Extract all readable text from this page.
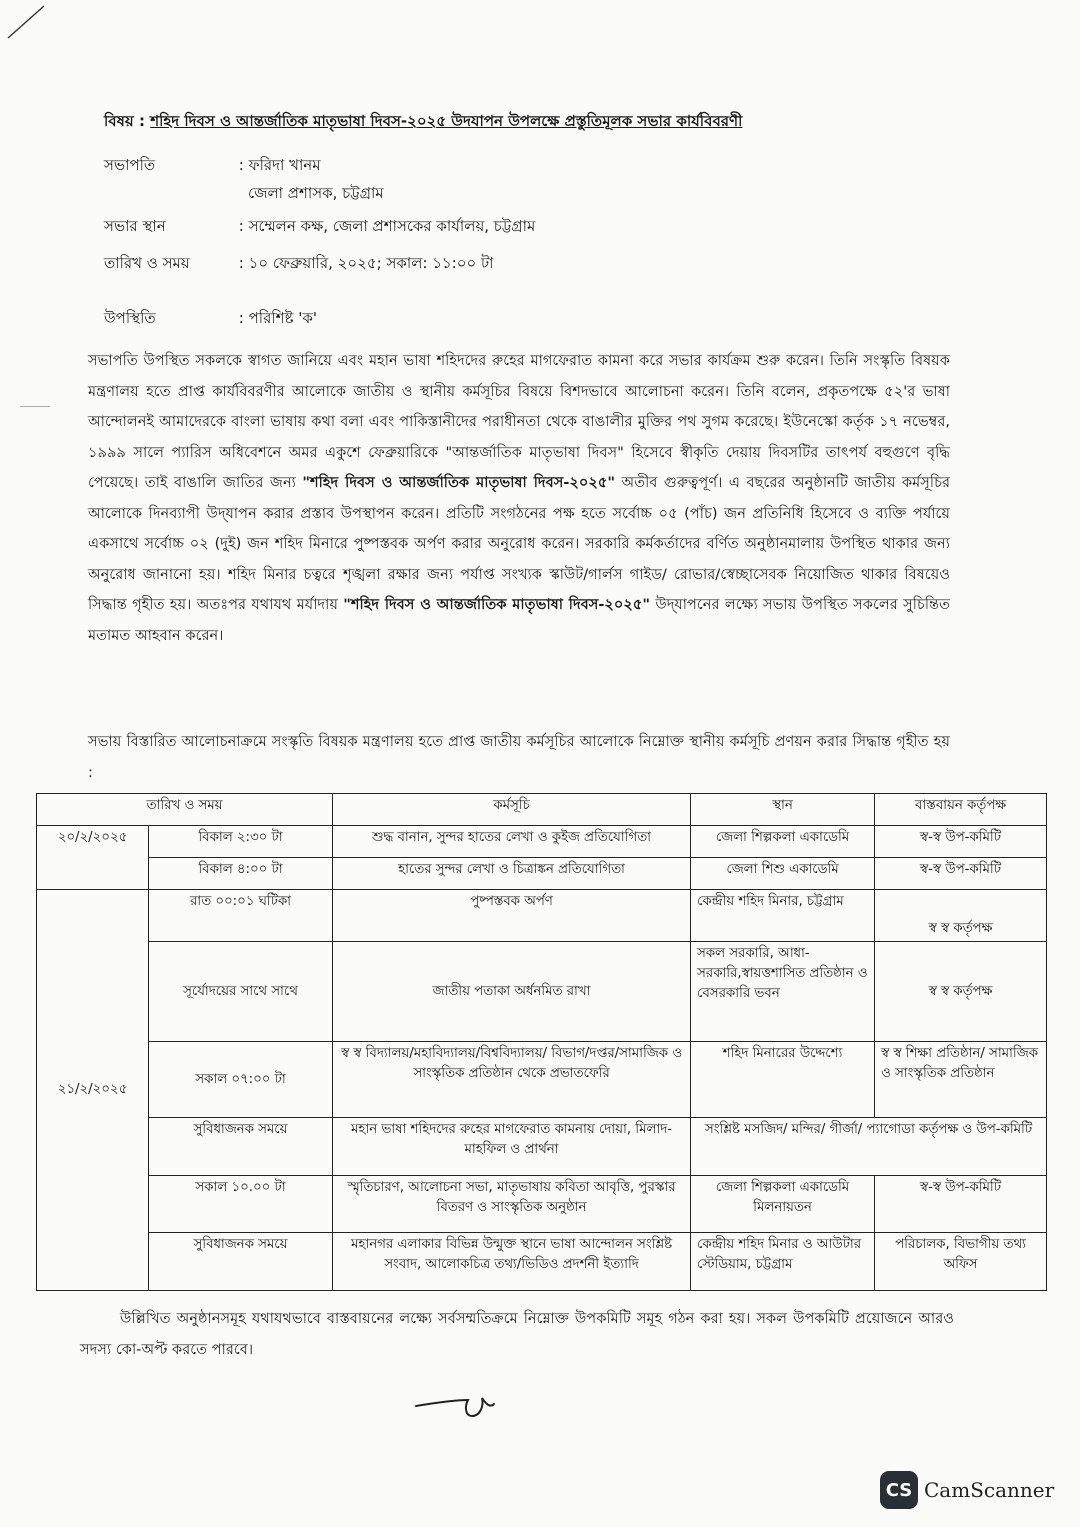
বিষয় : শহিদ দিবস ও আন্তর্জাতিক মাতৃভাষা দিবস-২০২৫ উদযাপন উপলক্ষে প্রস্তুতিমূলক সভার কার্যবিবরণী
সভাপতি	: ফরিদা খানম
জেলা প্রশাসক, চট্টগ্রাম
সভার স্থান	: সম্মেলন কক্ষ, জেলা প্রশাসকের কার্যালয়, চট্টগ্রাম
তারিখ ও সময়	: ১০ ফেব্রুয়ারি, ২০২৫; সকাল: ১১:০০ টা
উপস্থিতি	: পরিশিষ্ট 'ক'
সভাপতি উপস্থিত সকলকে স্বাগত জানিয়ে এবং মহান ভাষা শহিদদের রুহের মাগফেরাত কামনা করে সভার কার্যক্রম শুরু করেন। তিনি সংস্কৃতি বিষয়ক মন্ত্রণালয় হতে প্রাপ্ত কার্যবিবরণীর আলোকে জাতীয় ও স্থানীয় কর্মসূচির বিষয়ে বিশদভাবে আলোচনা করেন। তিনি বলেন, প্রকৃতপক্ষে ৫২'র ভাষা আন্দোলনই আমাদেরকে বাংলা ভাষায় কথা বলা এবং পাকিস্তানীদের পরাধীনতা থেকে বাঙালীর মুক্তির পথ সুগম করেছে। ইউনেস্কো কর্তৃক ১৭ নভেম্বর, ১৯৯৯ সালে প্যারিস অধিবেশনে অমর একুশে ফেব্রুয়ারিকে "আন্তর্জাতিক মাতৃভাষা দিবস" হিসেবে স্বীকৃতি দেয়ায় দিবসটির তাৎপর্য বহুগুণে বৃদ্ধি পেয়েছে। তাই বাঙালি জাতির জন্য "শহিদ দিবস ও আন্তর্জাতিক মাতৃভাষা দিবস-২০২৫" অতীব গুরুত্বপূর্ণ। এ বছরের অনুষ্ঠানটি জাতীয় কর্মসূচির আলোকে দিনব্যাপী উদ্‌যাপন করার প্রস্তাব উপস্থাপন করেন। প্রতিটি সংগঠনের পক্ষ হতে সর্বোচ্চ ০৫ (পাঁচ) জন প্রতিনিধি হিসেবে ও ব্যক্তি পর্যায়ে একসাথে সর্বোচ্চ ০২ (দুই) জন শহিদ মিনারে পুষ্পস্তবক অর্পণ করার অনুরোধ করেন। সরকারি কর্মকর্তাদের বর্ণিত অনুষ্ঠানমালায় উপস্থিত থাকার জন্য অনুরোধ জানানো হয়। শহিদ মিনার চত্বরে শৃঙ্খলা রক্ষার জন্য পর্যাপ্ত সংখ্যক স্কাউট/গার্লস গাইড/ রোভার/স্বেচ্ছাসেবক নিয়োজিত থাকার বিষয়েও সিদ্ধান্ত গৃহীত হয়। অতঃপর যথাযথ মর্যাদায় "শহিদ দিবস ও আন্তর্জাতিক মাতৃভাষা দিবস-২০২৫" উদ্‌যাপনের লক্ষ্যে সভায় উপস্থিত সকলের সুচিন্তিত মতামত আহবান করেন।
সভায় বিস্তারিত আলোচনাক্রমে সংস্কৃতি বিষয়ক মন্ত্রণালয় হতে প্রাপ্ত জাতীয় কর্মসূচির আলোকে নিম্নোক্ত স্থানীয় কর্মসূচি প্রণয়ন করার সিদ্ধান্ত গৃহীত হয় :
তারিখ ও সময়		কর্মসূচি	স্থান	বাস্তবায়ন কর্তৃপক্ষ
২০/২/২০২৫	বিকাল ২:৩০ টা	শুদ্ধ বানান, সুন্দর হাতের লেখা ও কুইজ প্রতিযোগিতা	জেলা শিল্পকলা একাডেমি	স্ব-স্ব উপ-কমিটি
	বিকাল ৪:০০ টা	হাতের সুন্দর লেখা ও চিত্রাঙ্কন প্রতিযোগিতা	জেলা শিশু একাডেমি	স্ব-স্ব উপ-কমিটি
২১/২/২০২৫	রাত ০০:০১ ঘটিকা	পুষ্পস্তবক অর্পণ	কেন্দ্রীয় শহিদ মিনার, চট্টগ্রাম	স্ব স্ব কর্তৃপক্ষ
	সূর্যোদয়ের সাথে সাথে	জাতীয় পতাকা অর্ধনমিত রাখা	সকল সরকারি, আধা-সরকারি,স্বায়ত্তশাসিত প্রতিষ্ঠান ও বেসরকারি ভবন	স্ব স্ব কর্তৃপক্ষ
	সকাল ০৭:০০ টা	স্ব স্ব বিদ্যালয়/মহাবিদ্যালয়/বিশ্ববিদ্যালয়/ বিভাগ/দপ্তর/সামাজিক ও সাংস্কৃতিক প্রতিষ্ঠান থেকে প্রভাতফেরি	শহিদ মিনারের উদ্দেশ্যে	স্ব স্ব শিক্ষা প্রতিষ্ঠান/ সামাজিক ও সাংস্কৃতিক প্রতিষ্ঠান
	সুবিধাজনক সময়ে	মহান ভাষা শহিদদের রুহের মাগফেরাত কামনায় দোয়া, মিলাদ-মাহফিল ও প্রার্থনা	সংশ্লিষ্ট মসজিদ/ মন্দির/ গীর্জা/ প্যাগোডা কর্তৃপক্ষ ও উপ-কমিটি	
	সকাল ১০.০০ টা	স্মৃতিচারণ, আলোচনা সভা, মাতৃভাষায় কবিতা আবৃত্তি, পুরস্কার বিতরণ ও সাংস্কৃতিক অনুষ্ঠান	জেলা শিল্পকলা একাডেমি মিলনায়তন	স্ব-স্ব উপ-কমিটি
	সুবিধাজনক সময়ে	মহানগর এলাকার বিভিন্ন উন্মুক্ত স্থানে ভাষা আন্দোলন সংশ্লিষ্ট সংবাদ, আলোকচিত্র তথ্য/ভিডিও প্রদর্শনী ইত্যাদি	কেন্দ্রীয় শহিদ মিনার ও আউটার স্টেডিয়াম, চট্টগ্রাম	পরিচালক, বিভাগীয় তথ্য অফিস
উল্লিখিত অনুষ্ঠানসমূহ যথাযথভাবে বাস্তবায়নের লক্ষ্যে সর্বসম্মতিক্রমে নিম্নোক্ত উপকমিটি সমূহ গঠন করা হয়। সকল উপকমিটি প্রয়োজনে আরও সদস্য কো-অপ্ট করতে পারবে।
CS CamScanner
